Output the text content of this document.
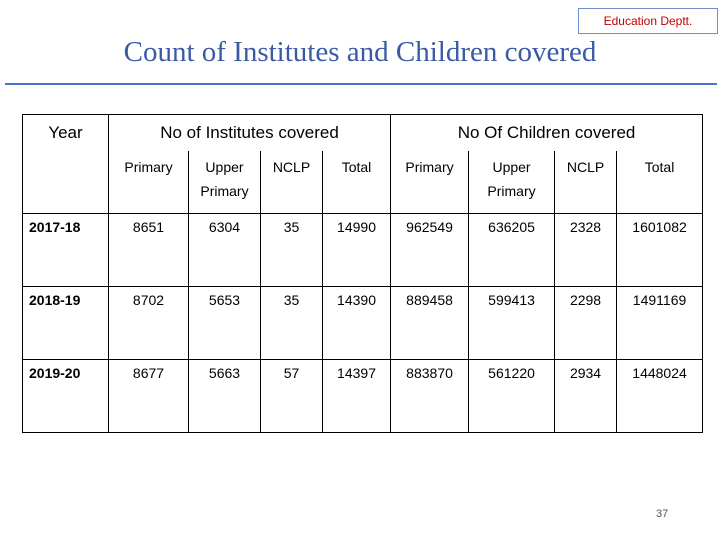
Education Deptt.
Count of Institutes and Children covered
Year	No of Institutes covered				No Of Children covered			
	Primary	Upper Primary	NCLP	Total	Primary	Upper Primary	NCLP	Total
2017-18	8651	6304	35	14990	962549	636205	2328	1601082
2018-19	8702	5653	35	14390	889458	599413	2298	1491169
2019-20	8677	5663	57	14397	883870	561220	2934	1448024
37
